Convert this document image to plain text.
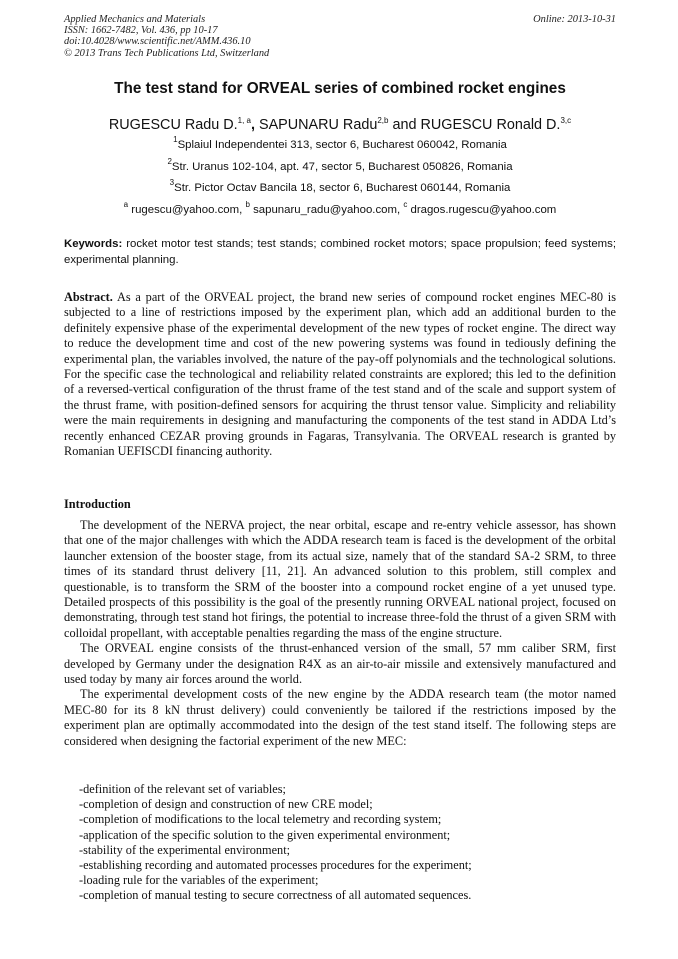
Applied Mechanics and Materials
ISSN: 1662-7482, Vol. 436, pp 10-17
doi:10.4028/www.scientific.net/AMM.436.10
© 2013 Trans Tech Publications Ltd, Switzerland
Online: 2013-10-31
The test stand for ORVEAL series of combined rocket engines
RUGESCU Radu D.$^{1, a}$, SAPUNARU Radu$^{2,b}$ and RUGESCU Ronald D.$^{3,c}$
$^1$Splaiul Independentei 313, sector 6, Bucharest 060042, Romania
$^2$Str. Uranus 102-104, apt. 47, sector 5, Bucharest 050826, Romania
$^3$Str. Pictor Octav Bancila 18, sector 6, Bucharest 060144, Romania
$^a$ rugescu@yahoo.com, $^b$ sapunaru_radu@yahoo.com, $^c$ dragos.rugescu@yahoo.com
Keywords: rocket motor test stands; test stands; combined rocket motors; space propulsion; feed systems; experimental planning.
Abstract. As a part of the ORVEAL project, the brand new series of compound rocket engines MEC-80 is subjected to a line of restrictions imposed by the experiment plan, which add an additional burden to the definitely expensive phase of the experimental development of the new types of rocket engine. The direct way to reduce the development time and cost of the new powering systems was found in tediously defining the experimental plan, the variables involved, the nature of the pay-off polynomials and the technological solutions. For the specific case the technological and reliability related constraints are explored; this led to the definition of a reversed-vertical configuration of the thrust frame of the test stand and of the scale and support system of the thrust frame, with position-defined sensors for acquiring the thrust tensor value. Simplicity and reliability were the main requirements in designing and manufacturing the components of the test stand in ADDA Ltd’s recently enhanced CEZAR proving grounds in Fagaras, Transylvania. The ORVEAL research is granted by Romanian UEFISCDI financing authority.
Introduction

The development of the NERVA project, the near orbital, escape and re-entry vehicle assessor, has shown that one of the major challenges with which the ADDA research team is faced is the development of the orbital launcher extension of the booster stage, from its actual size, namely that of the standard SA-2 SRM, to three times of its standard thrust delivery [11, 21]. An advanced solution to this problem, still complex and questionable, is to transform the SRM of the booster into a compound rocket engine of a yet unused type. Detailed prospects of this possibility is the goal of the presently running ORVEAL national project, focused on demonstrating, through test stand hot firings, the potential to increase three-fold the thrust of a given SRM with colloidal propellant, with acceptable penalties regarding the mass of the engine structure.

The ORVEAL engine consists of the thrust-enhanced version of the small, 57 mm caliber SRM, first developed by Germany under the designation R4X as an air-to-air missile and extensively manufactured and used today by many air forces around the world.

The experimental development costs of the new engine by the ADDA research team (the motor named MEC-80 for its 8 kN thrust delivery) could conveniently be tailored if the restrictions imposed by the experiment plan are optimally accommodated into the design of the test stand itself. The following steps are considered when designing the factorial experiment of the new MEC:

-definition of the relevant set of variables;
-completion of design and construction of new CRE model;
-completion of modifications to the local telemetry and recording system;
-application of the specific solution to the given experimental environment;
-stability of the experimental environment;
-establishing recording and automated processes procedures for the experiment;
-loading rule for the variables of the experiment;
-completion of manual testing to secure correctness of all automated sequences.
